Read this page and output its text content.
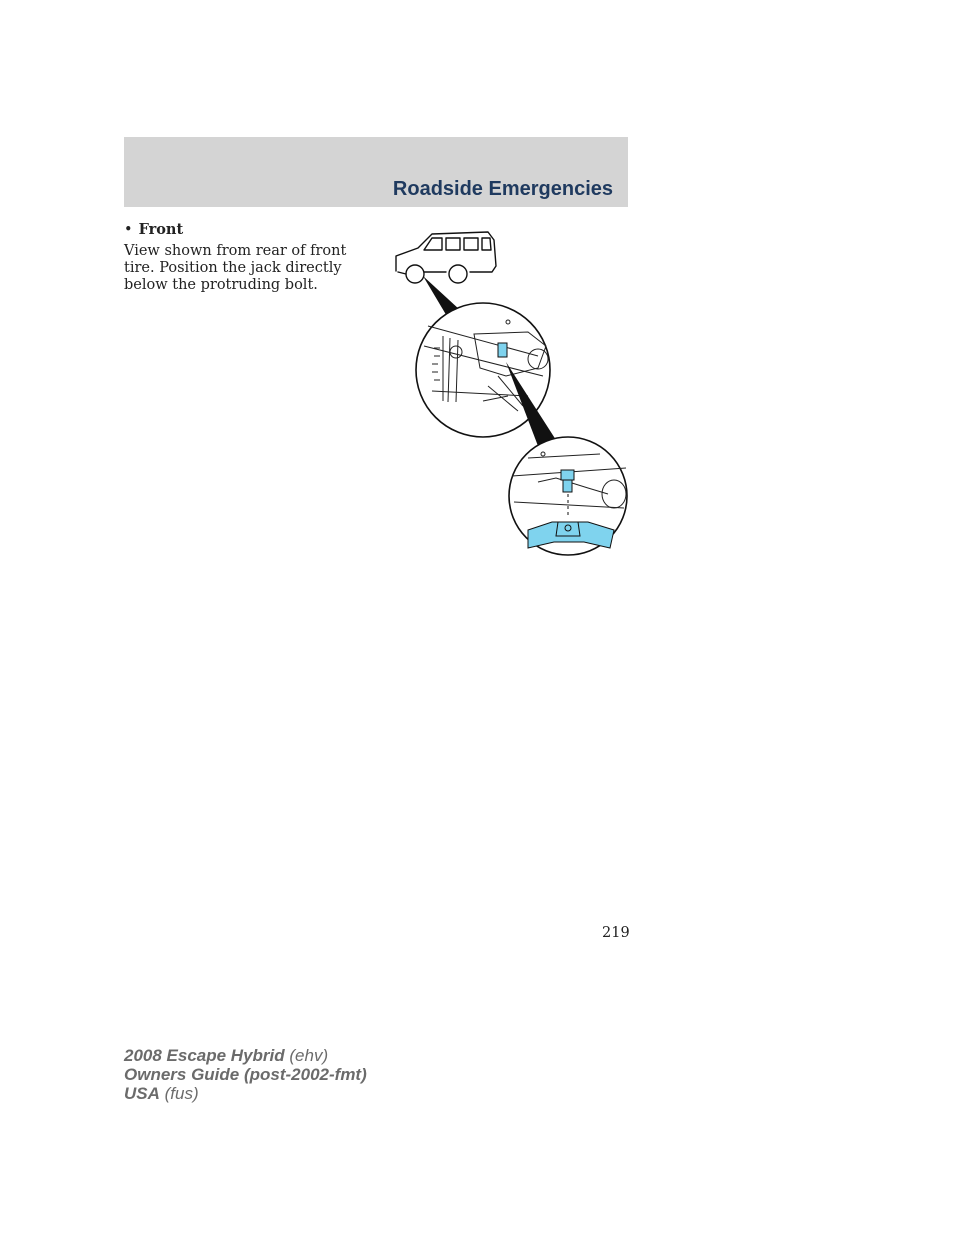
Roadside Emergencies
• Front
View shown from rear of front tire. Position the jack directly below the protruding bolt.
219
2008 Escape Hybrid (ehv)
Owners Guide (post-2002-fmt)
USA (fus)
